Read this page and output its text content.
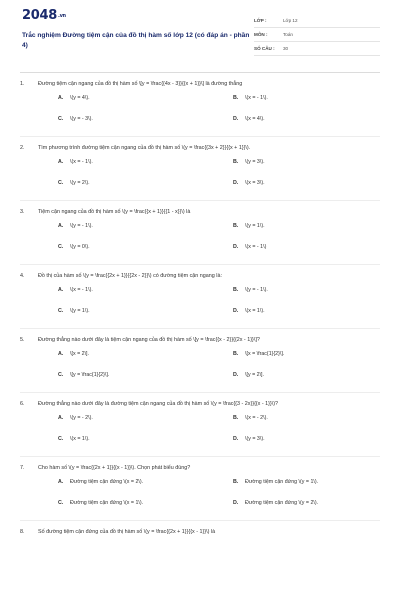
$2048^{.vn}$
Trắc nghiệm Đường tiệm cận của đồ thị hàm số lớp 12 (có đáp án - phần 4)
LỚP :	Lớp 12
MÔN :	Toán
SỐ CÂU : 30
1.	Đường tiệm cận ngang của đồ thị hàm số \[y = \frac{{4x - 3}}{{x + 1}}\] là đường thẳng
A. \(y = 4\).	B. \(x = - 1\).
C. \(y = - 3\).	D. \(x = 4\).
2.	Tìm phương trình đường tiệm cận ngang của đồ thị hàm số \(y = \frac{{3x + 2}}{{x + 1}}\).
A. \(x = - 1\).	B. \(y = 3\).
C. \(y = 2\).	D. \(x = 3\).
3.	Tiệm cận ngang của đồ thị hàm số \(y = \frac{{x + 1}}{{1 - x}}\) là
A. \(y = - 1\).	B. \(y = 1\).
C. \(y = 0\).	D. \(x = - 1\)
4.	Đồ thị của hàm số \(y = \frac{{2x + 1}}{{2x - 2}}\) có đường tiệm cận ngang là:
A. \(x = - 1\).	B. \(y = - 1\).
C. \(y = 1\).	D. \(x = 1\).
5.	Đường thẳng nào dưới đây là tiệm cận ngang của đồ thị hàm số \[y = \frac{{x - 2}}{{2x - 1}}\]?
A. \[x = 2\].	B. \[x = \frac{1}{2}\].
C. \[y = \frac{1}{2}\].	D. \[y = 2\].
6.	Đường thẳng nào dưới đây là đường tiệm cận ngang của đồ thị hàm số \(y = \frac{{3 - 2x}}{{x - 1}}\)?
A. \(y = - 2\).	B. \(x = - 2\).
C. \(x = 1\).	D. \(y = 3\).
7.	Cho hàm số \(y = \frac{{2x + 1}}{{x - 1}}\). Chọn phát biểu đúng?
A. Đường tiệm cận đứng \(x = 2\).	B. Đường tiệm cận đứng \(y = 1\).
C. Đường tiệm cận đứng \(x = 1\).	D. Đường tiệm cận đứng \(y = 2\).
8.	Số đường tiệm cận đứng của đồ thị hàm số \(y = \frac{{2x + 1}}{{x - 1}}\) là
